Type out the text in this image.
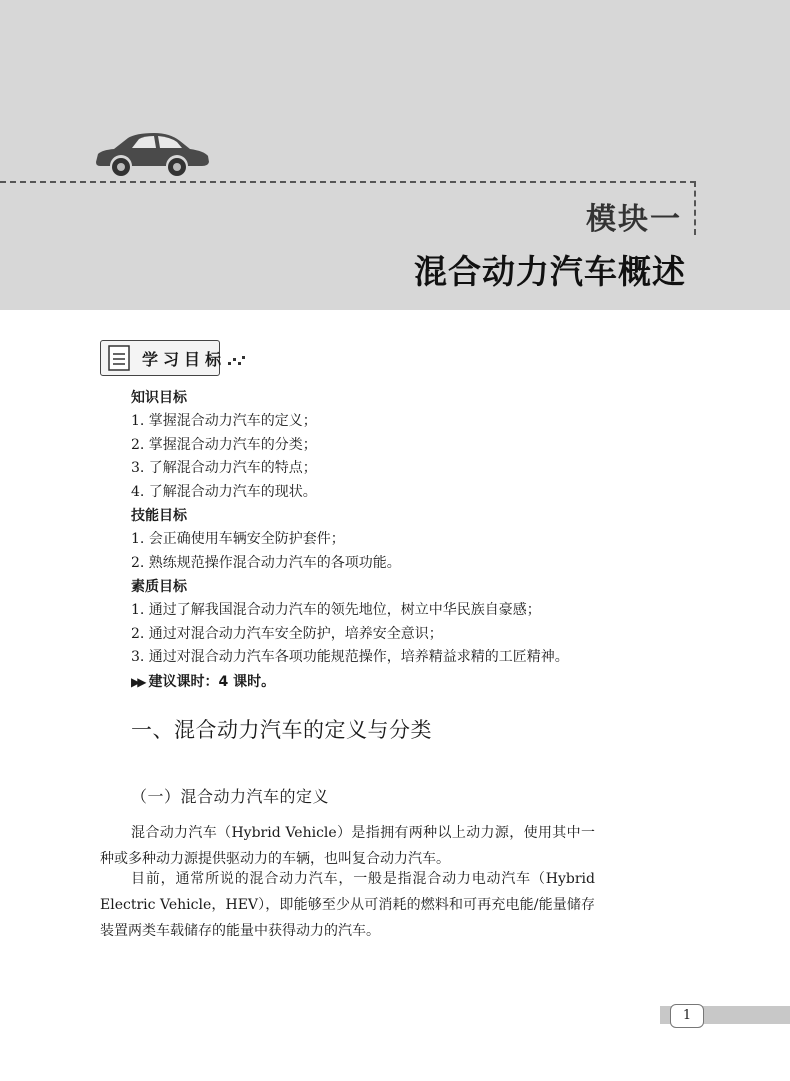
模块一
混合动力汽车概述
学习目标
知识目标
1. 掌握混合动力汽车的定义；
2. 掌握混合动力汽车的分类；
3. 了解混合动力汽车的特点；
4. 了解混合动力汽车的现状。
技能目标
1. 会正确使用车辆安全防护套件；
2. 熟练规范操作混合动力汽车的各项功能。
素质目标
1. 通过了解我国混合动力汽车的领先地位，树立中华民族自豪感；
2. 通过对混合动力汽车安全防护，培养安全意识；
3. 通过对混合动力汽车各项功能规范操作，培养精益求精的工匠精神。
▶▶ 建议课时：4 课时。
一、混合动力汽车的定义与分类
（一）混合动力汽车的定义

混合动力汽车（Hybrid Vehicle）是指拥有两种以上动力源，使用其中一种或多种动力源提供驱动力的车辆，也叫复合动力汽车。

目前，通常所说的混合动力汽车，一般是指混合动力电动汽车（Hybrid Electric Vehicle，HEV），即能够至少从可消耗的燃料和可再充电能/能量储存装置两类车载储存的能量中获得动力的汽车。

1
